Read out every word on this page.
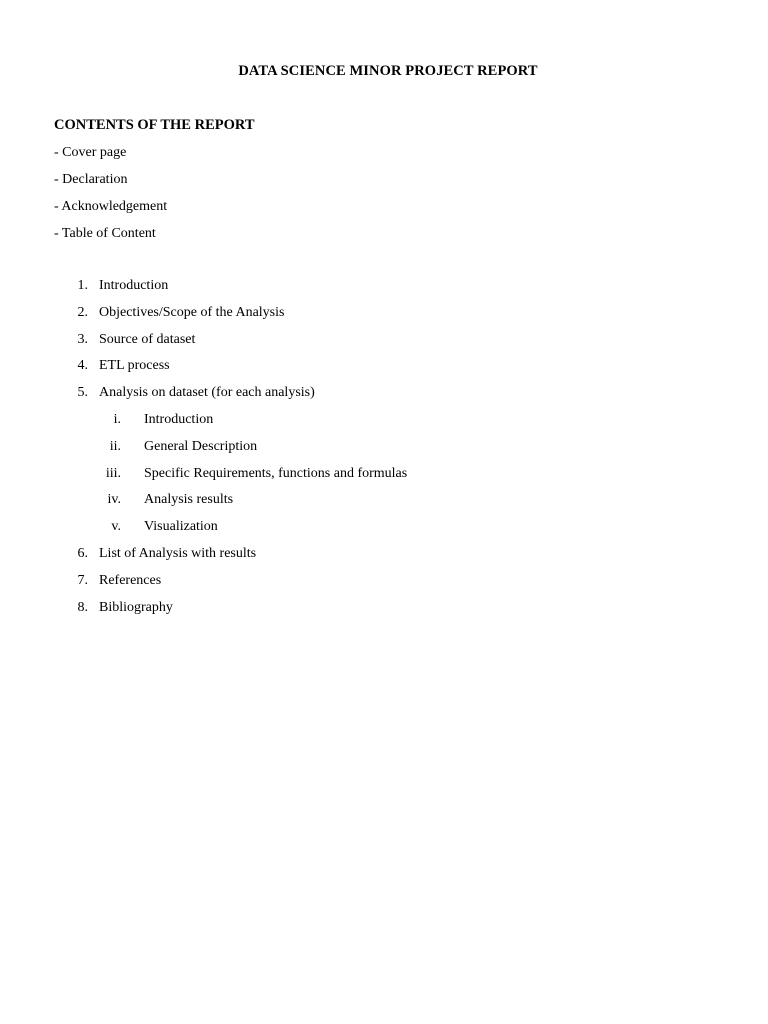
DATA SCIENCE MINOR PROJECT REPORT
CONTENTS OF THE REPORT
- Cover page
- Declaration
- Acknowledgement
- Table of Content
1. Introduction
2. Objectives/Scope of the Analysis
3. Source of dataset
4. ETL process
5. Analysis on dataset (for each analysis)
i. Introduction
ii. General Description
iii. Specific Requirements, functions and formulas
iv. Analysis results
v. Visualization
6. List of Analysis with results
7. References
8. Bibliography
